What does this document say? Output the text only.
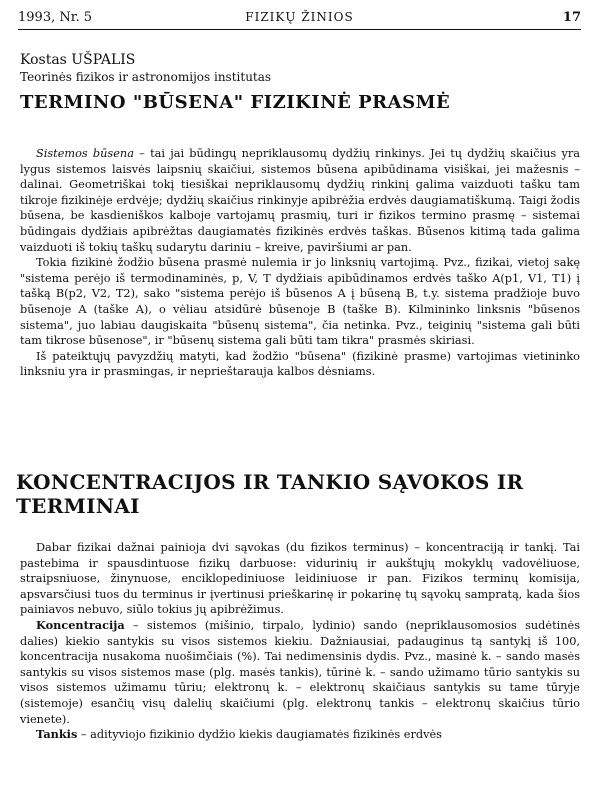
1993, Nr. 5	FIZIKŲ ŽINIOS	17
Kostas UŠPALIS
Teorinės fizikos ir astronomijos institutas
TERMINO "BŪSENA" FIZIKINĖ PRASMĖ

Sistemos būsena – tai jai būdingų nepriklausomų dydžių rinkinys. Jei tų dydžių skaičius yra lygus sistemos laisvės laipsnių skaičiui, sistemos būsena apibūdinama visiškai, jei mažesnis – dalinai. Geometriškai tokį tiesiškai nepriklausomų dydžių rinkinį galima vaizduoti tašku tam tikroje fizikinėje erdvėje; dydžių skaičius rinkinyje apibrėžia erdvės daugiamatiškumą. Taigi žodis būsena, be kasdieniškos kalboje vartojamų prasmių, turi ir fizikos termino prasmę – sistemai būdingais dydžiais apibrėžtas daugiamatės fizikinės erdvės taškas. Būsenos kitimą tada galima vaizduoti iš tokių taškų sudarytu dariniu – kreive, paviršiumi ar pan.

Tokia fizikinė žodžio būsena prasmė nulemia ir jo linksnių vartojimą. Pvz., fizikai, vietoj sakę "sistema perėjo iš termodinaminės, p, V, T dydžiais apibūdinamos erdvės taško A(p1, V1, T1) į tašką B(p2, V2, T2), sako "sistema perėjo iš būsenos A į būseną B, t.y. sistema pradžioje buvo būsenoje A (taške A), o vėliau atsidūrė būsenoje B (taške B). Kilmininko linksnis "būsenos sistema", juo labiau daugiskaita "būsenų sistema", čia netinka. Pvz., teiginių "sistema gali būti tam tikrose būsenose", ir "būsenų sistema gali būti tam tikra" prasmės skiriasi.

Iš pateiktųjų pavyzdžių matyti, kad žodžio "būsena" (fizikinė prasme) vartojimas vietininko linksniu yra ir prasmingas, ir neprieštarauja kalbos dėsniams.

KONCENTRACIJOS IR TANKIO SĄVOKOS IR TERMINAI

Dabar fizikai dažnai painioja dvi sąvokas (du fizikos terminus) – koncentraciją ir tankį. Tai pastebima ir spausdintuose fizikų darbuose: vidurinių ir aukštųjų mokyklų vadovėliuose, straipsniuose, žinynuose, enciklopediniuose leidiniuose ir pan. Fizikos terminų komisija, apsvarsčiusi tuos du terminus ir įvertinusi prieškarinę ir pokarinę tų sąvokų sampratą, kada šios painiavos nebuvo, siūlo tokius jų apibrėžimus.

Koncentracija – sistemos (mišinio, tirpalo, lydinio) sando (nepriklausomosios sudėtinės dalies) kiekio santykis su visos sistemos kiekiu. Dažniausiai, padauginus tą santykį iš 100, koncentracija nusakoma nuošimčiais (%). Tai nedimensinis dydis. Pvz., masinė k. – sando masės santykis su visos sistemos mase (plg. masės tankis), tūrinė k. – sando užimamo tūrio santykis su visos sistemos užimamu tūriu; elektronų k. – elektronų skaičiaus santykis su tame tūryje (sistemoje) esančių visų dalelių skaičiumi (plg. elektronų tankis – elektronų skaičius tūrio vienete).

Tankis – adityviojo fizikinio dydžio kiekis daugiamatės fizikinės erdvės
